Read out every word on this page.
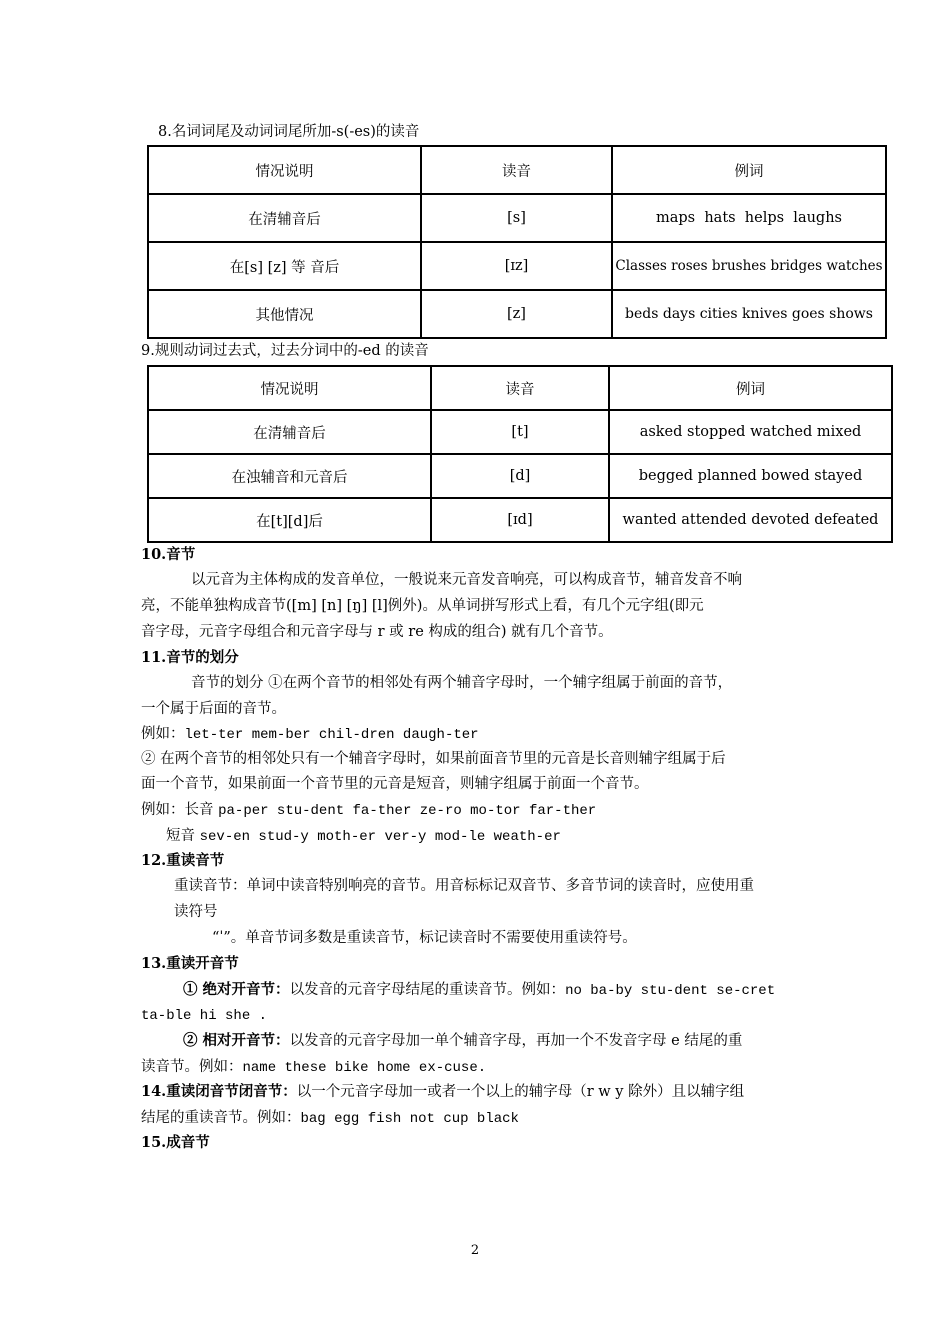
8.名词词尾及动词词尾所加-s(-es)的读音
情况说明	读音	例词
在清辅音后	[s]	maps  hats  helps  laughs
在[s] [z] 等 音后	[ɪz]	Classes roses brushes bridges watches
其他情况	[z]	beds days cities knives goes shows
9.规则动词过去式，过去分词中的-ed 的读音
情况说明	读音	例词
在清辅音后	[t]	asked stopped watched mixed
在浊辅音和元音后	[d]	begged planned bowed stayed
在[t][d]后	[ɪd]	wanted attended devoted defeated
10.音节
以元音为主体构成的发音单位，一般说来元音发音响亮，可以构成音节，辅音发音不响
亮，不能单独构成音节([m] [n] [ŋ] [l]例外)。从单词拼写形式上看，有几个元字组(即元
音字母，元音字母组合和元音字母与 r 或 re 构成的组合) 就有几个音节。
11.音节的划分
音节的划分 ①在两个音节的相邻处有两个辅音字母时，一个辅字组属于前面的音节，
一个属于后面的音节。
例如：let-ter mem-ber chil-dren daugh-ter
② 在两个音节的相邻处只有一个辅音字母时，如果前面音节里的元音是长音则辅字组属于后
面一个音节，如果前面一个音节里的元音是短音，则辅字组属于前面一个音节。
例如：长音 pa-per stu-dent fa-ther ze-ro mo-tor far-ther
短音 sev-en stud-y moth-er ver-y mod-le weath-er
12.重读音节
重读音节：单词中读音特别响亮的音节。用音标标记双音节、多音节词的读音时，应使用重
读符号
“ˈ”。单音节词多数是重读音节，标记读音时不需要使用重读符号。
13.重读开音节
① 绝对开音节：以发音的元音字母结尾的重读音节。例如：no ba-by stu-dent se-cret
ta-ble hi she .
② 相对开音节：以发音的元音字母加一单个辅音字母，再加一个不发音字母 e 结尾的重
读音节。例如：name these bike home ex-cuse.
14.重读闭音节闭音节：以一个元音字母加一或者一个以上的辅字母（r w y 除外）且以辅字组
结尾的重读音节。例如：bag egg fish not cup black
15.成音节
2
